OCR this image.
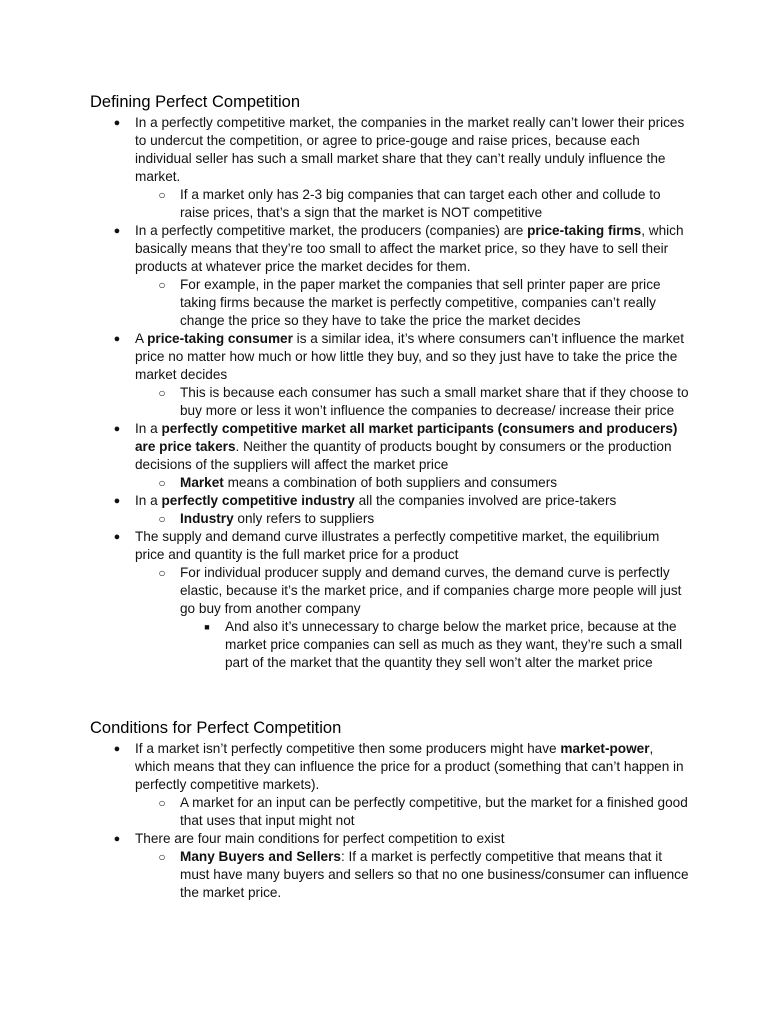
Defining Perfect Competition
● In a perfectly competitive market, the companies in the market really can’t lower their prices to undercut the competition, or agree to price-gouge and raise prices, because each individual seller has such a small market share that they can’t really unduly influence the market.
○ If a market only has 2-3 big companies that can target each other and collude to raise prices, that’s a sign that the market is NOT competitive
● In a perfectly competitive market, the producers (companies) are price-taking firms, which basically means that they’re too small to affect the market price, so they have to sell their products at whatever price the market decides for them.
○ For example, in the paper market the companies that sell printer paper are price taking firms because the market is perfectly competitive, companies can’t really change the price so they have to take the price the market decides
● A price-taking consumer is a similar idea, it’s where consumers can’t influence the market price no matter how much or how little they buy, and so they just have to take the price the market decides
○ This is because each consumer has such a small market share that if they choose to buy more or less it won’t influence the companies to decrease/ increase their price
● In a perfectly competitive market all market participants (consumers and producers) are price takers. Neither the quantity of products bought by consumers or the production decisions of the suppliers will affect the market price
○ Market means a combination of both suppliers and consumers
● In a perfectly competitive industry all the companies involved are price-takers
○ Industry only refers to suppliers
● The supply and demand curve illustrates a perfectly competitive market, the equilibrium price and quantity is the full market price for a product
○ For individual producer supply and demand curves, the demand curve is perfectly elastic, because it’s the market price, and if companies charge more people will just go buy from another company
■	And also it’s unnecessary to charge below the market price, because at the market price companies can sell as much as they want, they’re such a small part of the market that the quantity they sell won’t alter the market price
Conditions for Perfect Competition
● If a market isn’t perfectly competitive then some producers might have market-power, which means that they can influence the price for a product (something that can’t happen in perfectly competitive markets).
○ A market for an input can be perfectly competitive, but the market for a finished good that uses that input might not
● There are four main conditions for perfect competition to exist
○ Many Buyers and Sellers: If a market is perfectly competitive that means that it must have many buyers and sellers so that no one business/consumer can influence the market price.
